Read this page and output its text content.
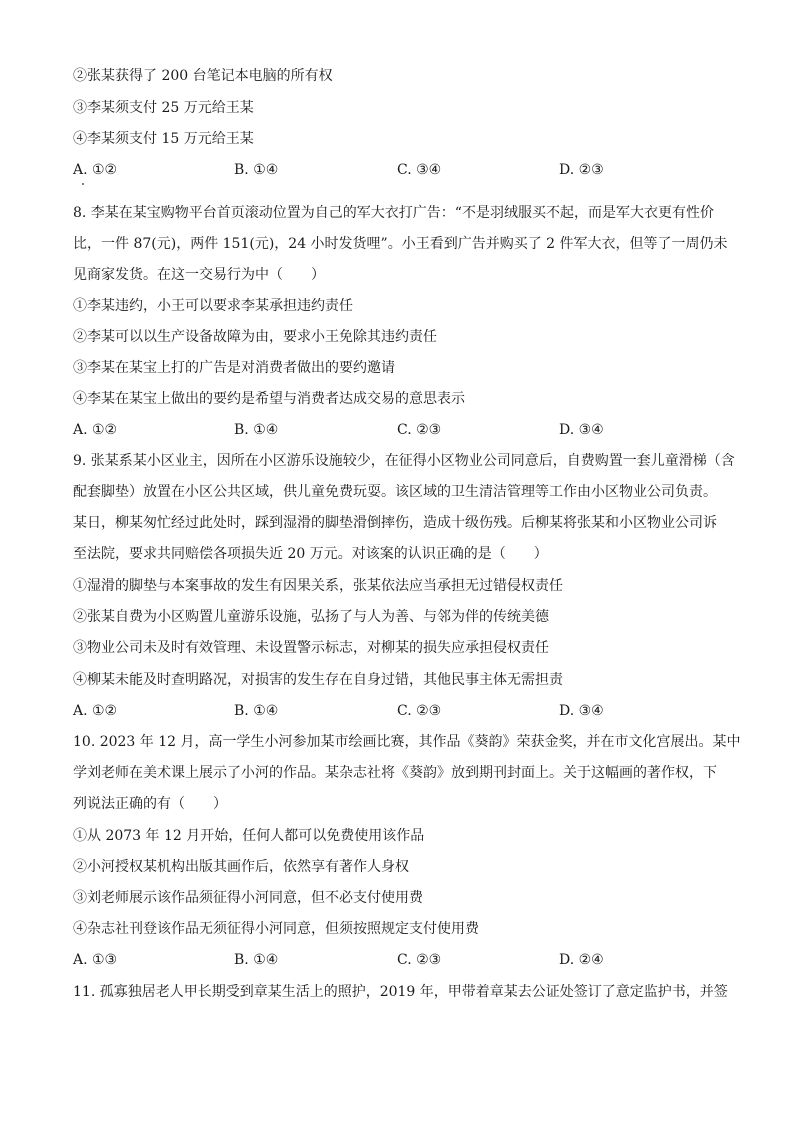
②张某获得了 200 台笔记本电脑的所有权
③李某须支付 25 万元给王某
④李某须支付 15 万元给王某
A. ①②	B. ①④	C. ③④	D. ②③
8. 李某在某宝购物平台首页滚动位置为自己的军大衣打广告：“不是羽绒服买不起，而是军大衣更有性价
比，一件 87(元)，两件 151(元)，24 小时发货哩”。小王看到广告并购买了 2 件军大衣，但等了一周仍未
见商家发货。在这一交易行为中（　　）
①李某违约，小王可以要求李某承担违约责任
②李某可以以生产设备故障为由，要求小王免除其违约责任
③李某在某宝上打的广告是对消费者做出的要约邀请
④李某在某宝上做出的要约是希望与消费者达成交易的意思表示
A. ①②	B. ①④	C. ②③	D. ③④
9. 张某系某小区业主，因所在小区游乐设施较少，在征得小区物业公司同意后，自费购置一套儿童滑梯（含
配套脚垫）放置在小区公共区域，供儿童免费玩耍。该区域的卫生清洁管理等工作由小区物业公司负责。
某日，柳某匆忙经过此处时，踩到湿滑的脚垫滑倒摔伤，造成十级伤残。后柳某将张某和小区物业公司诉
至法院，要求共同赔偿各项损失近 20 万元。对该案的认识正确的是（　　）
①湿滑的脚垫与本案事故的发生有因果关系，张某依法应当承担无过错侵权责任
②张某自费为小区购置儿童游乐设施，弘扬了与人为善、与邻为伴的传统美德
③物业公司未及时有效管理、未设置警示标志，对柳某的损失应承担侵权责任
④柳某未能及时查明路况，对损害的发生存在自身过错，其他民事主体无需担责
A. ①②	B. ①④	C. ②③	D. ③④
10. 2023 年 12 月，高一学生小河参加某市绘画比赛，其作品《葵韵》荣获金奖，并在市文化宫展出。某中
学刘老师在美术课上展示了小河的作品。某杂志社将《葵韵》放到期刊封面上。关于这幅画的著作权，下
列说法正确的有（　　）
①从 2073 年 12 月开始，任何人都可以免费使用该作品
②小河授权某机构出版其画作后，依然享有著作人身权
③刘老师展示该作品须征得小河同意，但不必支付使用费
④杂志社刊登该作品无须征得小河同意，但须按照规定支付使用费
A. ①③	B. ①④	C. ②③	D. ②④
11. 孤寡独居老人甲长期受到章某生活上的照护，2019 年，甲带着章某去公证处签订了意定监护书，并签
